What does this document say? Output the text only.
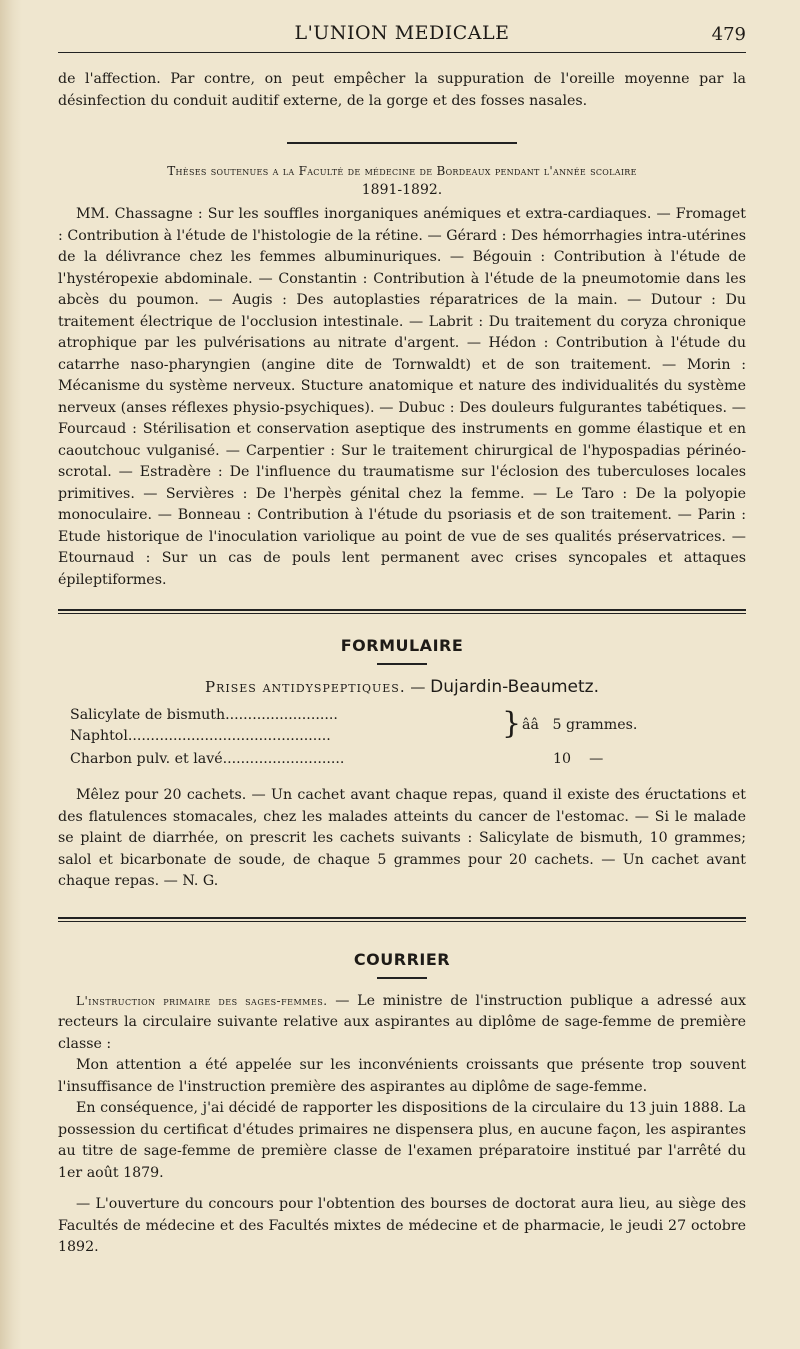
L'UNION MEDICALE	479

de l'affection. Par contre, on peut empêcher la suppuration de l'oreille moyenne par la désinfection du conduit auditif externe, de la gorge et des fosses nasales.

Thèses soutenues a la Faculté de médecine de Bordeaux pendant l'année scolaire
1891-1892.

MM. Chassagne : Sur les souffles inorganiques anémiques et extra-cardiaques. — Fromaget : Contribution à l'étude de l'histologie de la rétine. — Gérard : Des hémorrhagies intra-utérines de la délivrance chez les femmes albuminuriques. — Bégouin : Contribution à l'étude de l'hystéropexie abdominale. — Constantin : Contribution à l'étude de la pneumotomie dans les abcès du poumon. — Augis : Des autoplasties réparatrices de la main. — Dutour : Du traitement électrique de l'occlusion intestinale. — Labrit : Du traitement du coryza chronique atrophique par les pulvérisations au nitrate d'argent. — Hédon : Contribution à l'étude du catarrhe naso-pharyngien (angine dite de Tornwaldt) et de son traitement. — Morin : Mécanisme du système nerveux. Stucture anatomique et nature des individualités du système nerveux (anses réflexes physio-psychiques). — Dubuc : Des douleurs fulgurantes tabétiques. — Fourcaud : Stérilisation et conservation aseptique des instruments en gomme élastique et en caoutchouc vulganisé. — Carpentier : Sur le traitement chirurgical de l'hypospadias périnéo-scrotal. — Estradère : De l'influence du traumatisme sur l'éclosion des tuberculoses locales primitives. — Servières : De l'herpès génital chez la femme. — Le Taro : De la polyopie monoculaire. — Bonneau : Contribution à l'étude du psoriasis et de son traitement. — Parin : Etude historique de l'inoculation variolique au point de vue de ses qualités préservatrices. — Etournaud : Sur un cas de pouls lent permanent avec crises syncopales et attaques épileptiformes.

FORMULAIRE
Prises antidyspeptiques. — Dujardin-Beaumetz.
Salicylate de bismuth.........................
Naphtol.............................................	} ââ   5 grammes.
Charbon pulv. et lavé...........................	10    —

Mêlez pour 20 cachets. — Un cachet avant chaque repas, quand il existe des éructations et des flatulences stomacales, chez les malades atteints du cancer de l'estomac. — Si le malade se plaint de diarrhée, on prescrit les cachets suivants : Salicylate de bismuth, 10 grammes; salol et bicarbonate de soude, de chaque 5 grammes pour 20 cachets. — Un cachet avant chaque repas. — N. G.

COURRIER

L'instruction primaire des sages-femmes. — Le ministre de l'instruction publique a adressé aux recteurs la circulaire suivante relative aux aspirantes au diplôme de sage-femme de première classe :

Mon attention a été appelée sur les inconvénients croissants que présente trop souvent l'insuffisance de l'instruction première des aspirantes au diplôme de sage-femme.

En conséquence, j'ai décidé de rapporter les dispositions de la circulaire du 13 juin 1888. La possession du certificat d'études primaires ne dispensera plus, en aucune façon, les aspirantes au titre de sage-femme de première classe de l'examen préparatoire institué par l'arrêté du 1er août 1879.

— L'ouverture du concours pour l'obtention des bourses de doctorat aura lieu, au siège des Facultés de médecine et des Facultés mixtes de médecine et de pharmacie, le jeudi 27 octobre 1892.
